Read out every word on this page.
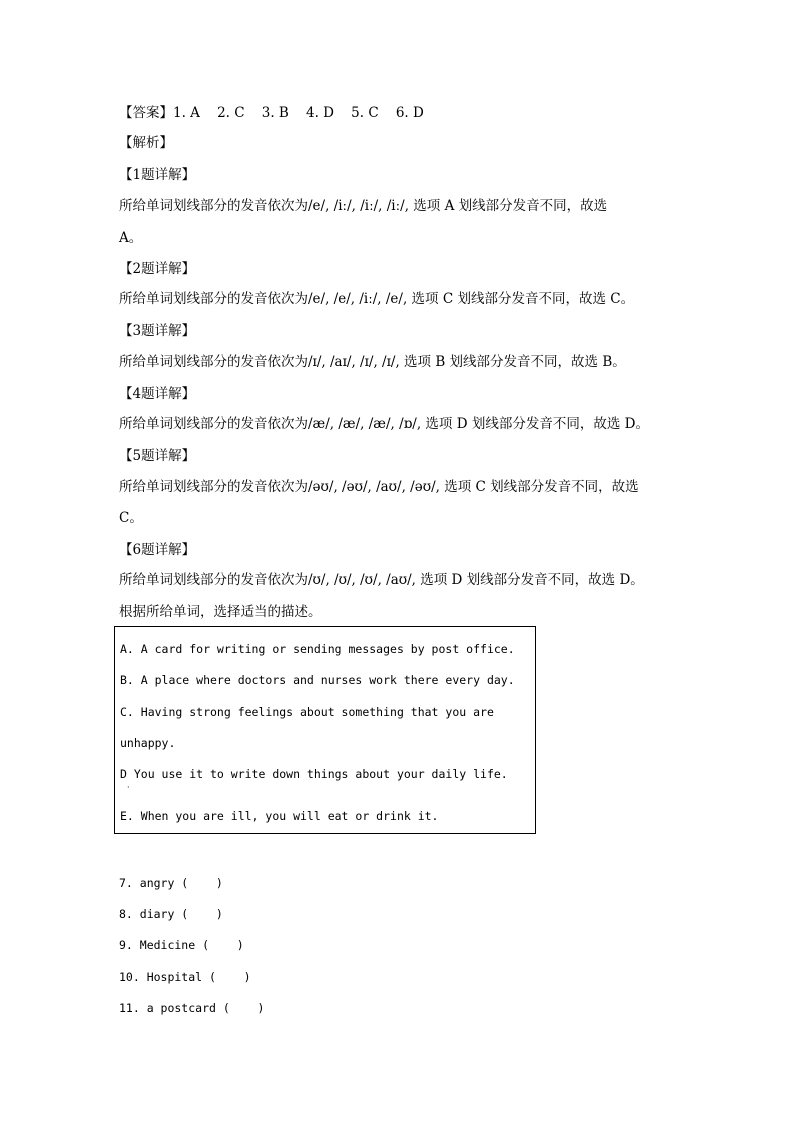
【答案】1. A    2. C    3. B    4. D    5. C    6. D
【解析】
【1题详解】
所给单词划线部分的发音依次为/e/, /iː/, /iː/, /iː/, 选项 A 划线部分发音不同，故选
A。
【2题详解】
所给单词划线部分的发音依次为/e/, /e/, /iː/, /e/, 选项 C 划线部分发音不同，故选 C。
【3题详解】
所给单词划线部分的发音依次为/ɪ/, /aɪ/, /ɪ/, /ɪ/, 选项 B 划线部分发音不同，故选 B。
【4题详解】
所给单词划线部分的发音依次为/æ/, /æ/, /æ/, /ɒ/, 选项 D 划线部分发音不同，故选 D。
【5题详解】
所给单词划线部分的发音依次为/əʊ/, /əʊ/, /aʊ/, /əʊ/, 选项 C 划线部分发音不同，故选
C。
【6题详解】
所给单词划线部分的发音依次为/ʊ/, /ʊ/, /ʊ/, /aʊ/, 选项 D 划线部分发音不同，故选 D。
根据所给单词，选择适当的描述。
A. A card for writing or sending messages by post office.
B. A place where doctors and nurses work there every day.
C. Having strong feelings about something that you are
unhappy.
D You use it to write down things about your daily life.
·
E. When you are ill, you will eat or drink it.
7. angry (    )
8. diary (    )
9. Medicine (    )
10. Hospital (    )
11. a postcard (    )
